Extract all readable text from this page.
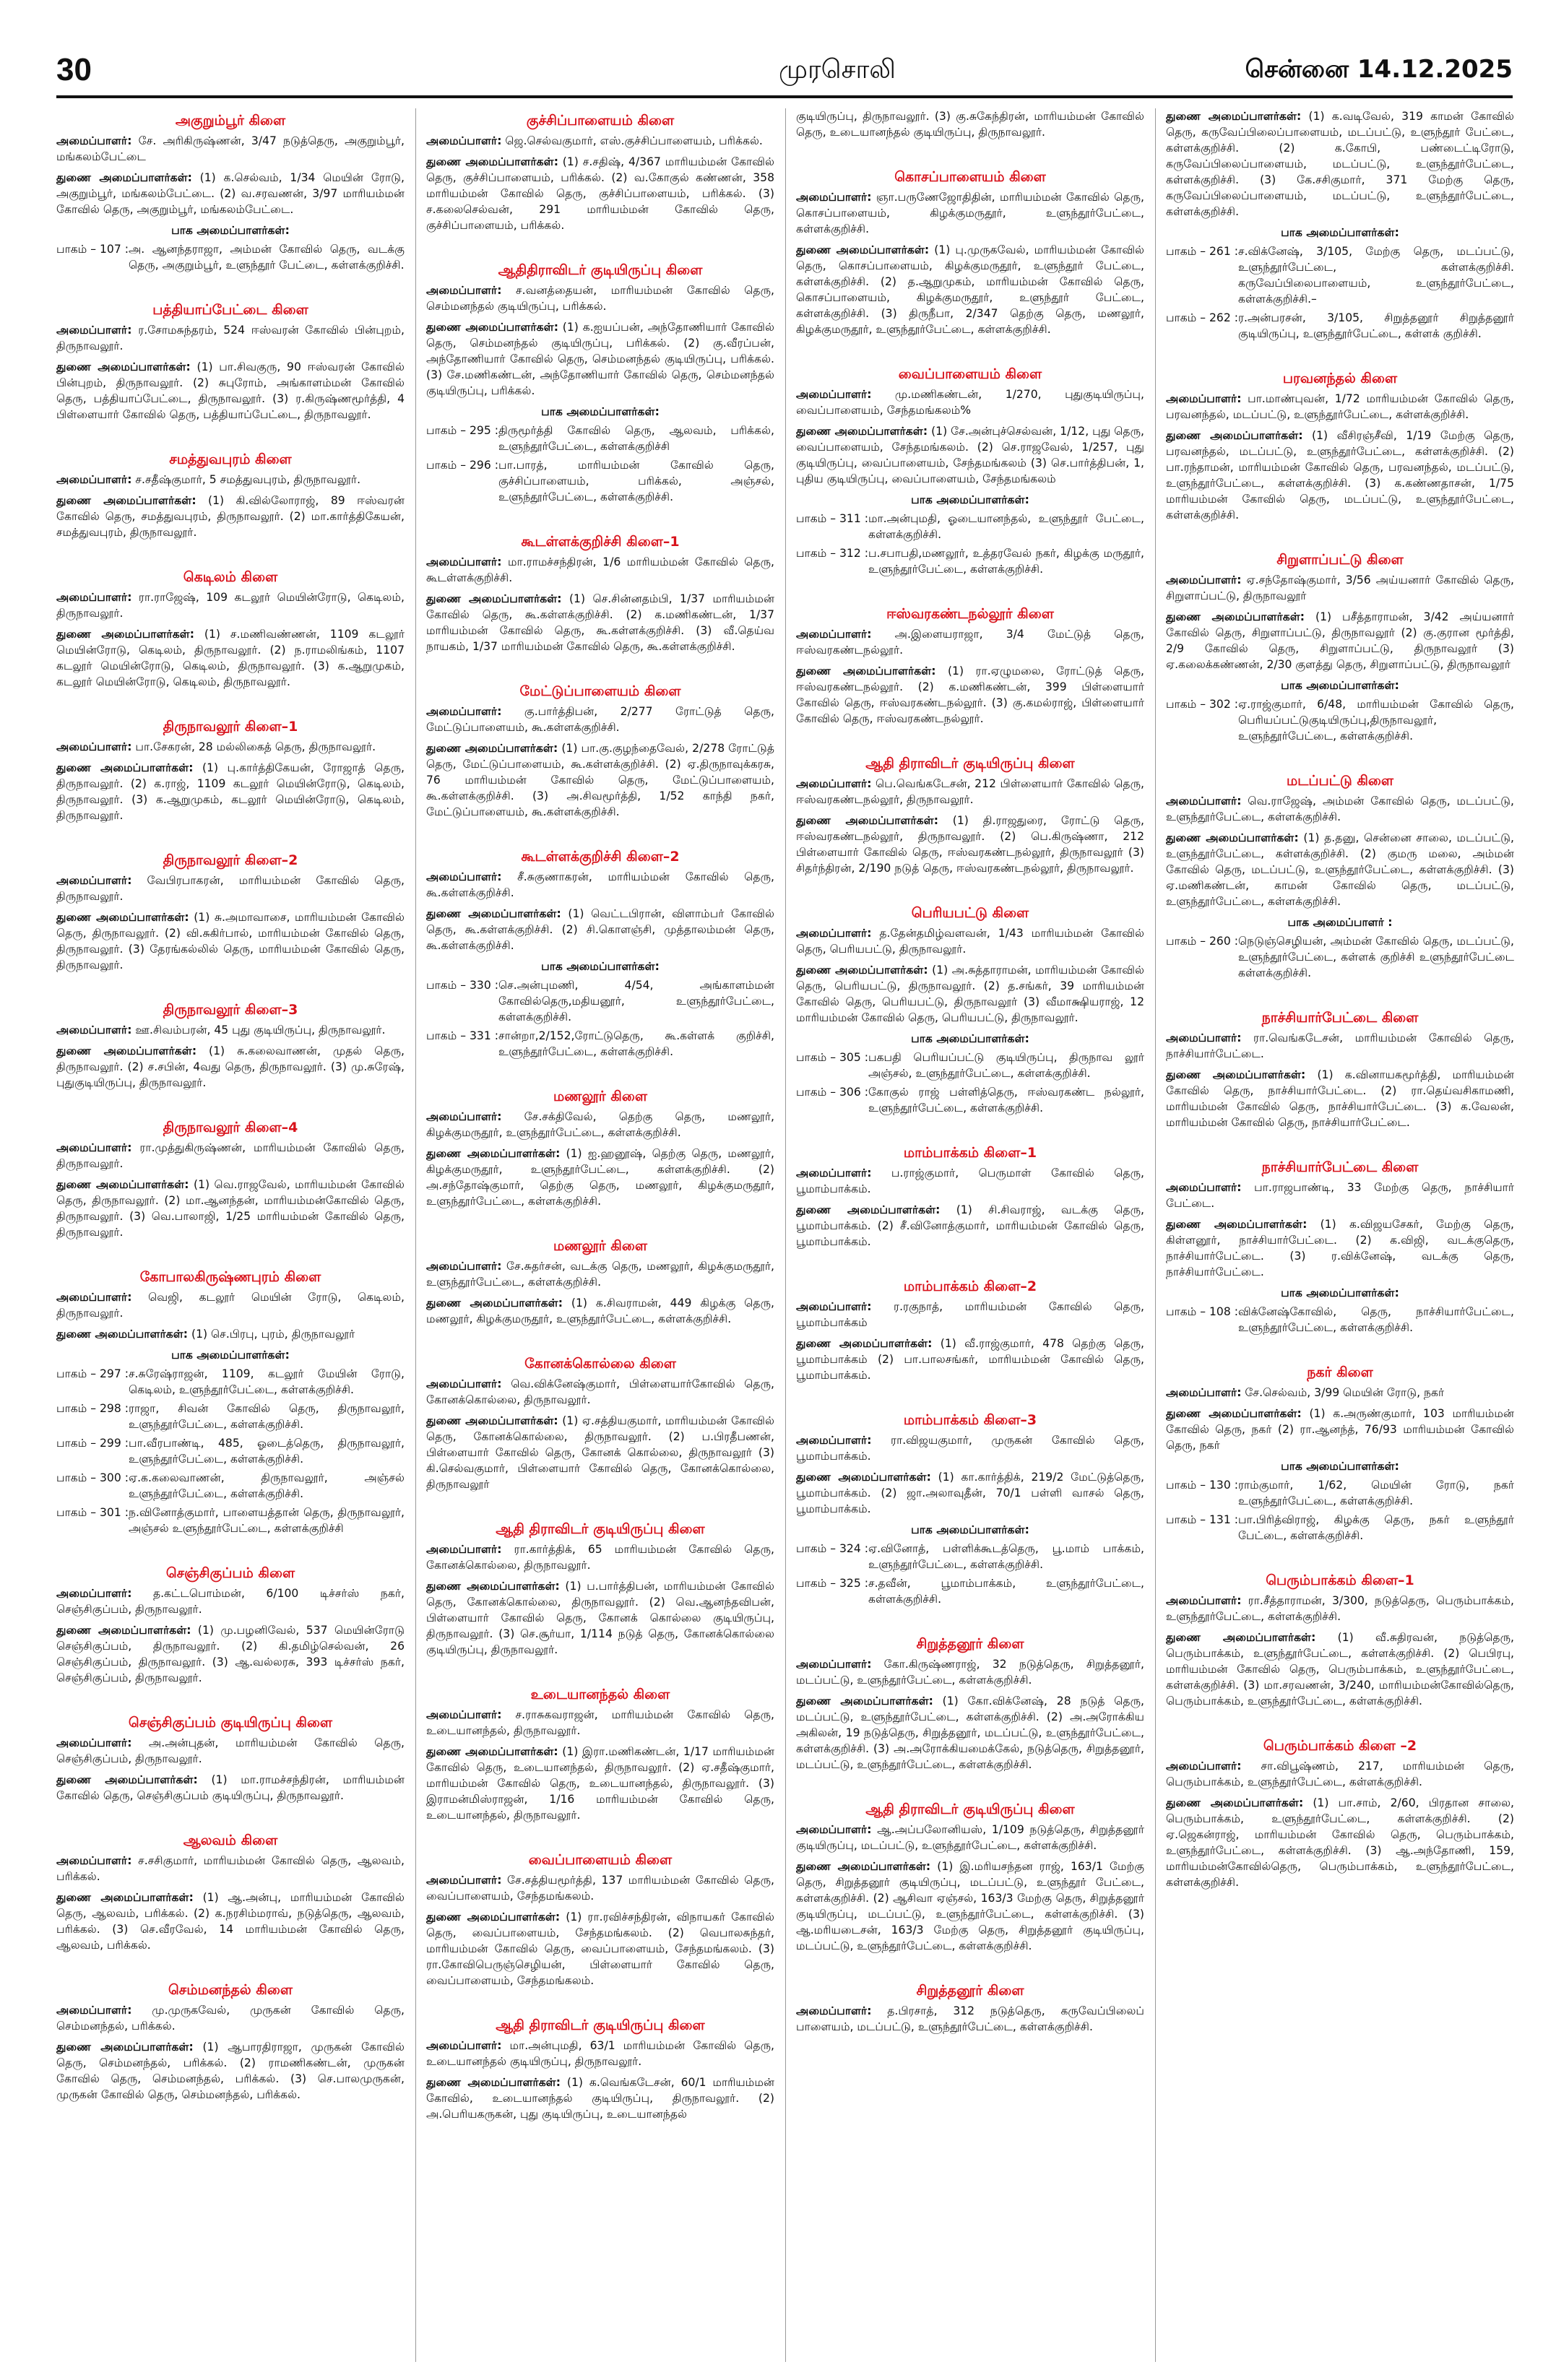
30	முரசொலி	சென்னை 14.12.2025
அகுறும்பூர் கிளை

அமைப்பாளர்: சே. அரிகிருஷ்ணன், 3/47 நடுத்தெரு, அகுறும்பூர், மங்கலம்பேட்டை

துணை அமைப்பாளர்கள்: (1) க.செல்வம், 1/34 மெயின் ரோடு, அகுறும்பூர், மங்கலம்பேட்டை. (2) வ.சரவணன், 3/97 மாரியம்மன் கோவில் தெரு, அகுறும்பூர், மங்கலம்பேட்டை.

பாக அமைப்பாளர்கள்:
பாகம் – 107 : அ. ஆனந்தராஜா, அம்மன் கோவில் தெரு, வடக்கு தெரு, அகுறும்பூர், உளுந்தூர் பேட்டை, கள்ளக்குறிச்சி.
பத்தியாப்பேட்டை கிளை

அமைப்பாளர்: ர.சோமசுந்தரம், 524 ஈஸ்வரன் கோவில் பின்புறம், திருநாவலூர்.

துணை அமைப்பாளர்கள்: (1) பா.சிவகுரு, 90 ஈஸ்வரன் கோவில் பின்புறம், திருநாவலூர். (2) சுபுரோம், அங்காளம்மன் கோவில் தெரு, பத்தியாப்பேட்டை, திருநாவலூர். (3) ர.கிருஷ்ணமூர்த்தி, 4 பிள்ளையார் கோவில் தெரு, பத்தியாப்பேட்டை, திருநாவலூர்.

சமத்துவபுரம் கிளை

அமைப்பாளர்: ச.சதீஷ்குமார், 5 சமத்துவபுரம், திருநாவலூர்.

துணை அமைப்பாளர்கள்: (1) கி.வில்லோராஜ், 89 ஈஸ்வரன் கோவில் தெரு, சமத்துவபுரம், திருநாவலூர். (2) மா.கார்த்திகேயன், சமத்துவபுரம், திருநாவலூர்.

கெடிலம் கிளை

அமைப்பாளர்: ரா.ராஜேஷ், 109 கடலூர் மெயின்ரோடு, கெடிலம், திருநாவலூர்.

துணை அமைப்பாளர்கள்: (1) ச.மணிவண்ணன், 1109 கடலூர் மெயின்ரோடு, கெடிலம், திருநாவலூர். (2) ந.ராமலிங்கம், 1107 கடலூர் மெயின்ரோடு, கெடிலம், திருநாவலூர். (3) க.ஆறுமுகம், கடலூர் மெயின்ரோடு, கெடிலம், திருநாவலூர்.

திருநாவலூர் கிளை–1

அமைப்பாளர்: பா.சேகரன், 28 மல்லிகைத் தெரு, திருநாவலூர்.

துணை அமைப்பாளர்கள்: (1) பு.கார்த்திகேயன், ரோஜாத் தெரு, திருநாவலூர். (2) க.ராஜ், 1109 கடலூர் மெயின்ரோடு, கெடிலம், திருநாவலூர். (3) க.ஆறுமுகம், கடலூர் மெயின்ரோடு, கெடிலம், திருநாவலூர்.

திருநாவலூர் கிளை–2

அமைப்பாளர்: வேபிரபாகரன், மாரியம்மன் கோவில் தெரு, திருநாவலூர்.

துணை அமைப்பாளர்கள்: (1) சு.அமாவாசை, மாரியம்மன் கோவில் தெரு, திருநாவலூர். (2) வி.சுகிர்பால், மாரியம்மன் கோவில் தெரு, திருநாவலூர். (3) தேரங்கல்லில் தெரு, மாரியம்மன் கோவில் தெரு, திருநாவலூர்.

திருநாவலூர் கிளை–3

அமைப்பாளர்: ஊ.சிவம்பரன், 45 புது குடியிருப்பு, திருநாவலூர்.

துணை அமைப்பாளர்கள்: (1) சு.கலைவாணன், முதல் தெரு, திருநாவலூர். (2) ச.சபின், 4வது தெரு, திருநாவலூர். (3) மு.சுரேஷ், புதுகுடியிருப்பு, திருநாவலூர்.

திருநாவலூர் கிளை–4

அமைப்பாளர்: ரா.முத்துகிருஷ்ணன், மாரியம்மன் கோவில் தெரு, திருநாவலூர்.

துணை அமைப்பாளர்கள்: (1) வெ.ராஜவேல், மாரியம்மன் கோவில் தெரு, திருநாவலூர். (2) மா.ஆனந்தன், மாரியம்மன்கோவில் தெரு, திருநாவலூர். (3) வெ.பாலாஜி, 1/25 மாரியம்மன் கோவில் தெரு, திருநாவலூர்.

கோபாலகிருஷ்ணபுரம் கிளை

அமைப்பாளர்: வெஜி, கடலூர் மெயின் ரோடு, கெடிலம், திருநாவலூர்.

துணை அமைப்பாளர்கள்: (1) செ.பிரபு, புரம், திருநாவலூர்

பாக அமைப்பாளர்கள்:
பாகம் – 297 : ச.சுரேஷ்ராஜன், 1109, கடலூர் மேயின் ரோடு, கெடிலம், உளுந்தூர்பேட்டை, கள்ளக்குறிச்சி.
பாகம் – 298 : ராஜா, சிவன் கோவில் தெரு, திருநாவலூர், உளுந்தூர்பேட்டை, கள்ளக்குறிச்சி.
பாகம் – 299 : பா.வீரபாண்டி, 485, ஓடைத்தெரு, திருநாவலூர், உளுந்தூர்பேட்டை, கள்ளக்குறிச்சி.
பாகம் – 300 : ஏ.க.கலைவாணன், திருநாவலூர், அஞ்சல் உளுந்தூர்பேட்டை, கள்ளக்குறிச்சி.
பாகம் – 301 : ந.வினோத்குமார், பாளையத்தான் தெரு, திருநாவலூர், அஞ்சல் உளுந்தூர்பேட்டை, கள்ளக்குறிச்சி
செஞ்சிகுப்பம் கிளை

அமைப்பாளர்: த.கட்டபொம்மன், 6/100 டிச்சர்ஸ் நகர், செஞ்சிகுப்பம், திருநாவலூர்.

துணை அமைப்பாளர்கள்: (1) மு.பழனிவேல், 537 மெயின்ரோடு செஞ்சிகுப்பம், திருநாவலூர். (2) கி.தமிழ்செல்வன், 26 செஞ்சிகுப்பம், திருநாவலூர். (3) ஆ.வல்லரசு, 393 டிச்சர்ஸ் நகர், செஞ்சிகுப்பம், திருநாவலூர்.

செஞ்சிகுப்பம் குடியிருப்பு கிளை

அமைப்பாளர்: அ.அன்புதன், மாரியம்மன் கோவில் தெரு, செஞ்சிகுப்பம், திருநாவலூர்.

துணை அமைப்பாளர்கள்: (1) மா.ராமச்சந்திரன், மாரியம்மன் கோவில் தெரு, செஞ்சிகுப்பம் குடியிருப்பு, திருநாவலூர்.

ஆலவம் கிளை

அமைப்பாளர்: ச.சசிகுமார், மாரியம்மன் கோவில் தெரு, ஆலவம், பரிக்கல்.

துணை அமைப்பாளர்கள்: (1) ஆ.அன்பு, மாரியம்மன் கோவில் தெரு, ஆலவம், பரிக்கல். (2) க.நரசிம்மராவ், நடுத்தெரு, ஆலவம், பரிக்கல். (3) செ.வீரவேல், 14 மாரியம்மன் கோவில் தெரு, ஆலவம், பரிக்கல்.

செம்மனந்தல் கிளை

அமைப்பாளர்: மு.முருகவேல், முருகன் கோவில் தெரு, செம்மனந்தல், பரிக்கல்.

துணை அமைப்பாளர்கள்: (1) ஆபாரதிராஜா, முருகன் கோவில் தெரு, செம்மனந்தல், பரிக்கல். (2) ராமணிகண்டன், முருகன் கோவில் தெரு, செம்மனந்தல், பரிக்கல். (3) செ.பாலமுருகன், முருகன் கோவில் தெரு, செம்மனந்தல், பரிக்கல்.

குச்சிப்பாளையம் கிளை

அமைப்பாளர்: ஜெ.செல்வகுமார், எஸ்.குச்சிப்பாளையம், பரிக்கல்.

துணை அமைப்பாளர்கள்: (1) ச.சதிஷ், 4/367 மாரியம்மன் கோவில் தெரு, குச்சிப்பாளையம், பரிக்கல். (2) வ.கோகுல் கண்ணன், 358 மாரியம்மன் கோவில் தெரு, குச்சிப்பாளையம், பரிக்கல். (3) ச.கலைசெல்வன், 291 மாரியம்மன் கோவில் தெரு, குச்சிப்பாளையம், பரிக்கல்.

ஆதிதிராவிடர் குடியிருப்பு கிளை

அமைப்பாளர்: ச.வனத்தையன், மாரியம்மன் கோவில் தெரு, செம்மனந்தல் குடியிருப்பு, பரிக்கல்.

துணை அமைப்பாளர்கள்: (1) க.ஐயப்பன், அந்தோணியார் கோவில் தெரு, செம்மனந்தல் குடியிருப்பு, பரிக்கல். (2) கு.வீரப்பன், அந்தோணியார் கோவில் தெரு, செம்மனந்தல் குடியிருப்பு, பரிக்கல். (3) சே.மணிகண்டன், அந்தோணியார் கோவில் தெரு, செம்மனந்தல் குடியிருப்பு, பரிக்கல்.

பாக அமைப்பாளர்கள்:
பாகம் – 295 : திருமூர்த்தி கோவில் தெரு, ஆலவம், பரிக்கல், உளுந்தூர்பேட்டை, கள்ளக்குறிச்சி
பாகம் – 296 : பா.பாரத், மாரியம்மன் கோவில் தெரு, குச்சிப்பாளையம், பரிக்கல், அஞ்சல், உளுந்தூர்பேட்டை, கள்ளக்குறிச்சி.
கூடள்ளக்குறிச்சி கிளை–1

அமைப்பாளர்: மா.ராமச்சந்திரன், 1/6 மாரியம்மன் கோவில் தெரு, கூடள்ளக்குறிச்சி.

துணை அமைப்பாளர்கள்: (1) செ.சின்னதம்பி, 1/37 மாரியம்மன் கோவில் தெரு, கூ.கள்ளக்குறிச்சி. (2) க.மணிகண்டன், 1/37 மாரியம்மன் கோவில் தெரு, கூ.கள்ளக்குறிச்சி. (3) வீ.தெய்வ நாயகம், 1/37 மாரியம்மன் கோவில் தெரு, கூ.கள்ளக்குறிச்சி.

மேட்டுப்பாளையம் கிளை

அமைப்பாளர்: கு.பார்த்திபன், 2/277 ரோட்டுத் தெரு, மேட்டுப்பாளையம், கூ.கள்ளக்குறிச்சி.

துணை அமைப்பாளர்கள்: (1) பா.கு.குழந்தைவேல், 2/278 ரோட்டுத் தெரு, மேட்டுப்பாளையம், கூ.கள்ளக்குறிச்சி. (2) ஏ.திருநாவுக்கரசு, 76 மாரியம்மன் கோவில் தெரு, மேட்டுப்பாளையம், கூ.கள்ளக்குறிச்சி. (3) அ.சிவமூர்த்தி, 1/52 காந்தி நகர், மேட்டுப்பாளையம், கூ.கள்ளக்குறிச்சி.

கூடள்ளக்குறிச்சி கிளை–2

அமைப்பாளர்: சீ.சுகுணாகரன், மாரியம்மன் கோவில் தெரு, கூ.கள்ளக்குறிச்சி.

துணை அமைப்பாளர்கள்: (1) வெட்டபிரான், விளாம்பர் கோவில் தெரு, கூ.கள்ளக்குறிச்சி. (2) சி.கொளஞ்சி, முத்தாலம்மன் தெரு, கூ.கள்ளக்குறிச்சி.

பாக அமைப்பாளர்கள்:
பாகம் – 330 : செ.அன்புமணி, 4/54, அங்காளம்மன் கோவில்தெரு,மதியனூர், உளுந்தூர்பேட்டை, கள்ளக்குறிச்சி.
பாகம் – 331 : சான்றா,2/152,ரோட்டுதெரு, கூ.கள்ளக் குறிச்சி, உளுந்தூர்பேட்டை, கள்ளக்குறிச்சி.
மணலூர் கிளை

அமைப்பாளர்: சே.சக்திவேல், தெற்கு தெரு, மணலூர், கிழக்குமருதூர், உளுந்தூர்பேட்டை, கள்ளக்குறிச்சி.

துணை அமைப்பாளர்கள்: (1) ஐ.ஹனூஷ், தெற்கு தெரு, மணலூர், கிழக்குமருதூர், உளுந்தூர்பேட்டை, கள்ளக்குறிச்சி. (2) அ.சந்தோஷ்குமார், தெற்கு தெரு, மணலூர், கிழக்குமருதூர், உளுந்தூர்பேட்டை, கள்ளக்குறிச்சி.

மணலூர் கிளை

அமைப்பாளர்: சே.சுதர்சன், வடக்கு தெரு, மணலூர், கிழக்குமருதூர், உளுந்தூர்பேட்டை, கள்ளக்குறிச்சி.

துணை அமைப்பாளர்கள்: (1) க.சிவராமன், 449 கிழக்கு தெரு, மணலூர், கிழக்குமருதூர், உளுந்தூர்பேட்டை, கள்ளக்குறிச்சி.

கோனக்கொல்லை கிளை

அமைப்பாளர்: வெ.விக்னேஷ்குமார், பிள்ளையார்கோவில் தெரு, கோனக்கொல்லை, திருநாவலூர்.

துணை அமைப்பாளர்கள்: (1) ஏ.சத்தியகுமார், மாரியம்மன் கோவில் தெரு, கோனக்கொல்லை, திருநாவலூர். (2) ப.பிரதீபணன், பிள்ளையார் கோவில் தெரு, கோனக் கொல்லை, திருநாவலூர் (3) கி.செல்வகுமார், பிள்ளையார் கோவில் தெரு, கோனக்கொல்லை, திருநாவலூர்

ஆதி திராவிடர் குடியிருப்பு கிளை

அமைப்பாளர்: ரா.கார்த்திக், 65 மாரியம்மன் கோவில் தெரு, கோனக்கொல்லை, திருநாவலூர்.

துணை அமைப்பாளர்கள்: (1) ப.பார்த்திபன், மாரியம்மன் கோவில் தெரு, கோனக்கொல்லை, திருநாவலூர். (2) வெ.ஆனந்தவிபன், பிள்ளையார் கோவில் தெரு, கோனக் கொல்லை குடியிருப்பு, திருநாவலூர். (3) செ.சூர்யா, 1/114 நடுத் தெரு, கோனக்கொல்லை குடியிருப்பு, திருநாவலூர்.

உடையானந்தல் கிளை

அமைப்பாளர்: ச.ராசுகவராஜன், மாரியம்மன் கோவில் தெரு, உடையானந்தல், திருநாவலூர்.

துணை அமைப்பாளர்கள்: (1) இரா.மணிகண்டன், 1/17 மாரியம்மன் கோவில் தெரு, உடையானந்தல், திருநாவலூர். (2) ஏ.சதீஷ்குமார், மாரியம்மன் கோவில் தெரு, உடையானந்தல், திருநாவலூர். (3) இராமன்மிஸ்ராஜன், 1/16 மாரியம்மன் கோவில் தெரு, உடையானந்தல், திருநாவலூர்.

வைப்பாளையம் கிளை

அமைப்பாளர்: சே.சத்தியமூர்த்தி, 137 மாரியம்மன் கோவில் தெரு, வைப்பாளையம், சேந்தமங்கலம்.

துணை அமைப்பாளர்கள்: (1) ரா.ரவிச்சந்திரன், விநாயகர் கோவில் தெரு, வைப்பாளையம், சேந்தமங்கலம். (2) வெபாலசுந்தர், மாரியம்மன் கோவில் தெரு, வைப்பாளையம், சேந்தமங்கலம். (3) ரா.கோவிபெருஞ்செழியன், பிள்ளையார் கோவில் தெரு, வைப்பாளையம், சேந்தமங்கலம்.

ஆதி திராவிடர் குடியிருப்பு கிளை

அமைப்பாளர்: மா.அன்புமதி, 63/1 மாரியம்மன் கோவில் தெரு, உடையானந்தல் குடியிருப்பு, திருநாவலூர்.

துணை அமைப்பாளர்கள்: (1) க.வெங்கடேசன், 60/1 மாரியம்மன் கோவில், உடையானந்தல் குடியிருப்பு, திருநாவலூர். (2) அ.பெரியகருகன், புது குடியிருப்பு, உடையானந்தல்

குடியிருப்பு, திருநாவலூர். (3) கு.சுகேந்திரன், மாரியம்மன் கோவில் தெரு, உடையானந்தல் குடியிருப்பு, திருநாவலூர்.

கொசப்பாளையம் கிளை

அமைப்பாளர்: ஞா.பருணேஜோதிதின், மாரியம்மன் கோவில் தெரு, கொசப்பாளையம், கிழக்குமருதூர், உளுந்தூர்பேட்டை, கள்ளக்குறிச்சி.

துணை அமைப்பாளர்கள்: (1) பு.முருகவேல், மாரியம்மன் கோவில் தெரு, கொசப்பாளையம், கிழக்குமருதூர், உளுந்தூர் பேட்டை, கள்ளக்குறிச்சி. (2) த.ஆறுமுகம், மாரியம்மன் கோவில் தெரு, கொசப்பாளையம், கிழக்குமருதூர், உளுந்தூர் பேட்டை, கள்ளக்குறிச்சி. (3) திருநீபா, 2/347 தெற்கு தெரு, மணலூர், கிழக்குமருதூர், உளுந்தூர்பேட்டை, கள்ளக்குறிச்சி.

வைப்பாளையம் கிளை

அமைப்பாளர்: மு.மணிகண்டன், 1/270, புதுகுடியிருப்பு, வைப்பாளையம், சேந்தமங்கலம்%

துணை அமைப்பாளர்கள்: (1) சே.அன்புச்செல்வன், 1/12, புது தெரு, வைப்பாளையம், சேந்தமங்கலம். (2) செ.ராஜவேல், 1/257, புது குடியிருப்பு, வைப்பாளையம், சேந்தமங்கலம் (3) செ.பார்த்திபன், 1, புதிய குடியிருப்பு, வைப்பாளையம், சேந்தமங்கலம்

பாக அமைப்பாளர்கள்:
பாகம் – 311 : மா.அன்புமதி, ஓடையானந்தல், உளுந்தூர் பேட்டை, கள்ளக்குறிச்சி.
பாகம் – 312 : ப.சபாபதி,மணலூர், உத்தரவேல் நகர், கிழக்கு மருதூர், உளுந்தூர்பேட்டை, கள்ளக்குறிச்சி.
ஈஸ்வரகண்டநல்லூர் கிளை

அமைப்பாளர்: அ.இளையராஜா, 3/4 மேட்டுத் தெரு, ஈஸ்வரகண்டநல்லூர்.

துணை அமைப்பாளர்கள்: (1) ரா.ஏழுமலை, ரோட்டுத் தெரு, ஈஸ்வரகண்டநல்லூர். (2) க.மணிகண்டன், 399 பிள்ளையார் கோவில் தெரு, ஈஸ்வரகண்டநல்லூர். (3) கு.கமல்ராஜ், பிள்ளையார் கோவில் தெரு, ஈஸ்வரகண்டநல்லூர்.

ஆதி திராவிடர் குடியிருப்பு கிளை

அமைப்பாளர்: பெ.வெங்கடேசன், 212 பிள்ளையார் கோவில் தெரு, ஈஸ்வரகண்டநல்லூர், திருநாவலூர்.

துணை அமைப்பாளர்கள்: (1) தி.ராஜதுரை, ரோட்டு தெரு, ஈஸ்வரகண்டநல்லூர், திருநாவலூர். (2) பெ.கிருஷ்ணா, 212 பிள்ளையார் கோவில் தெரு, ஈஸ்வரகண்டநல்லூர், திருநாவலூர் (3) சிதர்ந்திரன், 2/190 நடுத் தெரு, ஈஸ்வரகண்டநல்லூர், திருநாவலூர்.

பெரியபட்டு கிளை

அமைப்பாளர்: த.தேன்தமிழ்வளவன், 1/43 மாரியம்மன் கோவில் தெரு, பெரியபட்டு, திருநாவலூர்.

துணை அமைப்பாளர்கள்: (1) அ.சுத்தாராமன், மாரியம்மன் கோவில் தெரு, பெரியபட்டு, திருநாவலூர். (2) த.சங்கர், 39 மாரியம்மன் கோவில் தெரு, பெரியபட்டு, திருநாவலூர் (3) வீமாக்ஷியராஜ், 12 மாரியம்மன் கோவில் தெரு, பெரியபட்டு, திருநாவலூர்.

பாக அமைப்பாளர்கள்:
பாகம் – 305 : பகபதி பெரியப்பட்டு குடியிருப்பு, திருநாவ லூர் அஞ்சல், உளுந்தூர்பேட்டை, கள்ளக்குறிச்சி.
பாகம் – 306 : கோகுல் ராஜ் பள்ளித்தெரு, ஈஸ்வரகண்ட நல்லூர், உளுந்தூர்பேட்டை, கள்ளக்குறிச்சி.
மாம்பாக்கம் கிளை–1

அமைப்பாளர்: ப.ராஜ்குமார், பெருமாள் கோவில் தெரு, பூமாம்பாக்கம்.

துணை அமைப்பாளர்கள்: (1) சி.சிவராஜ், வடக்கு தெரு, பூமாம்பாக்கம். (2) சீ.வினோத்குமார், மாரியம்மன் கோவில் தெரு, பூமாம்பாக்கம்.

மாம்பாக்கம் கிளை–2

அமைப்பாளர்: ர.ரகுநாத், மாரியம்மன் கோவில் தெரு, பூமாம்பாக்கம்

துணை அமைப்பாளர்கள்: (1) வீ.ராஜ்குமார், 478 தெற்கு தெரு, பூமாம்பாக்கம் (2) பா.பாலசங்கர், மாரியம்மன் கோவில் தெரு, பூமாம்பாக்கம்.

மாம்பாக்கம் கிளை–3

அமைப்பாளர்: ரா.விஜயகுமார், முருகன் கோவில் தெரு, பூமாம்பாக்கம்.

துணை அமைப்பாளர்கள்: (1) கா.கார்த்திக், 219/2 மேட்டுத்தெரு, பூமாம்பாக்கம். (2) ஜா.அலாவுதீன், 70/1 பள்ளி வாசல் தெரு, பூமாம்பாக்கம்.

பாக அமைப்பாளர்கள்:
பாகம் – 324 : ஏ.வினோத், பள்ளிக்கூடத்தெரு, பூ.மாம் பாக்கம், உளுந்தூர்பேட்டை, கள்ளக்குறிச்சி.
பாகம் – 325 : ச.தவீன், பூமாம்பாக்கம், உளுந்தூர்பேட்டை, கள்ளக்குறிச்சி.
சிறுத்தனூர் கிளை

அமைப்பாளர்: கோ.கிருஷ்ணராஜ், 32 நடுத்தெரு, சிறுத்தனூர், மடப்பட்டு, உளுந்தூர்பேட்டை, கள்ளக்குறிச்சி.

துணை அமைப்பாளர்கள்: (1) கோ.விக்னேஷ், 28 நடுத் தெரு, மடப்பட்டு, உளுந்தூர்பேட்டை, கள்ளக்குறிச்சி. (2) அ.அரோக்கிய அகிலன், 19 நடுத்தெரு, சிறுத்தனூர், மடப்பட்டு, உளுந்தூர்பேட்டை, கள்ளக்குறிச்சி. (3) அ.அரோக்கியமைக்கேல், நடுத்தெரு, சிறுத்தனூர், மடப்பட்டு, உளுந்தூர்பேட்டை, கள்ளக்குறிச்சி.

ஆதி திராவிடர் குடியிருப்பு கிளை

அமைப்பாளர்: ஆ.அப்பலோனியஸ், 1/109 நடுத்தெரு, சிறுத்தனூர் குடியிருப்பு, மடப்பட்டு, உளுந்தூர்பேட்டை, கள்ளக்குறிச்சி.

துணை அமைப்பாளர்கள்: (1) இ.மரியசந்தன ராஜ், 163/1 மேற்கு தெரு, சிறுத்தனூர் குடியிருப்பு, மடப்பட்டு, உளுந்தூர் பேட்டை, கள்ளக்குறிச்சி. (2) ஆசிவா ஏஞ்சல், 163/3 மேற்கு தெரு, சிறுத்தனூர் குடியிருப்பு, மடப்பட்டு, உளுந்தூர்பேட்டை, கள்ளக்குறிச்சி. (3) ஆ.மரியடைசன், 163/3 மேற்கு தெரு, சிறுத்தனூர் குடியிருப்பு, மடப்பட்டு, உளுந்தூர்பேட்டை, கள்ளக்குறிச்சி.

சிறுத்தனூர் கிளை

அமைப்பாளர்: த.பிரசாத், 312 நடுத்தெரு, கருவேப்பிலைப் பாளையம், மடப்பட்டு, உளுந்தூர்பேட்டை, கள்ளக்குறிச்சி.

துணை அமைப்பாளர்கள்: (1) க.வடிவேல், 319 காமன் கோவில் தெரு, கருவேப்பிலைப்பாளையம், மடப்பட்டு, உளுந்தூர் பேட்டை, கள்ளக்குறிச்சி. (2) க.கோபி, பண்டைட்டிரோடு, கருவேப்பிலைப்பாளையம், மடப்பட்டு, உளுந்தூர்பேட்டை, கள்ளக்குறிச்சி. (3) கே.சசிகுமார், 371 மேற்கு தெரு, கருவேப்பிலைப்பாளையம், மடப்பட்டு, உளுந்தூர்பேட்டை, கள்ளக்குறிச்சி.

பாக அமைப்பாளர்கள்:
பாகம் – 261 : ச.விக்னேஷ், 3/105, மேற்கு தெரு, மடப்பட்டு, உளுந்தூர்பேட்டை, கள்ளக்குறிச்சி. கருவேப்பிலைபாளையம், உளுந்தூர்பேட்டை, கள்ளக்குறிச்சி.–
பாகம் – 262 : ர.அன்பரசன், 3/105, சிறுத்தனூர் சிறுத்தனூர் குடியிருப்பு, உளுந்தூர்பேட்டை, கள்ளக் குறிச்சி.
பரவனந்தல் கிளை

அமைப்பாளர்: பா.மாண்புவன், 1/72 மாரியம்மன் கோவில் தெரு, பரவனந்தல், மடப்பட்டு, உளுந்தூர்பேட்டை, கள்ளக்குறிச்சி.

துணை அமைப்பாளர்கள்: (1) வீசிரஞ்சீவி, 1/19 மேற்கு தெரு, பரவனந்தல், மடப்பட்டு, உளுந்தூர்பேட்டை, கள்ளக்குறிச்சி. (2) பா.ரந்தாமன், மாரியம்மன் கோவில் தெரு, பரவனந்தல், மடப்பட்டு, உளுந்தூர்பேட்டை, கள்ளக்குறிச்சி. (3) க.கண்ணதாசன், 1/75 மாரியம்மன் கோவில் தெரு, மடப்பட்டு, உளுந்தூர்பேட்டை, கள்ளக்குறிச்சி.

சிறுளாப்பட்டு கிளை

அமைப்பாளர்: ஏ.சந்தோஷ்குமார், 3/56 அய்யனார் கோவில் தெரு, சிறுளாப்பட்டு, திருநாவலூர்

துணை அமைப்பாளர்கள்: (1) பசீத்தாராமன், 3/42 அய்யனார் கோவில் தெரு, சிறுளாப்பட்டு, திருநாவலூர் (2) கு.குரான மூர்த்தி, 2/9 கோவில் தெரு, சிறுளாப்பட்டு, திருநாவலூர் (3) ஏ.கலைக்கண்ணன், 2/30 குளத்து தெரு, சிறுளாப்பட்டு, திருநாவலூர்

பாக அமைப்பாளர்கள்:
பாகம் – 302 : ஏ.ராஜ்குமார், 6/48, மாரியம்மன் கோவில் தெரு, பெரியப்பட்டுகுடியிருப்பு,திருநாவலூர், உளுந்தூர்பேட்டை, கள்ளக்குறிச்சி.
மடப்பட்டு கிளை

அமைப்பாளர்: வெ.ராஜேஷ், அம்மன் கோவில் தெரு, மடப்பட்டு, உளுந்தூர்பேட்டை, கள்ளக்குறிச்சி.

துணை அமைப்பாளர்கள்: (1) த.தனு, சென்னை சாலை, மடப்பட்டு, உளுந்தூர்பேட்டை, கள்ளக்குறிச்சி. (2) குமரு மலை, அம்மன் கோவில் தெரு, மடப்பட்டு, உளுந்தூர்பேட்டை, கள்ளக்குறிச்சி. (3) ஏ.மணிகண்டன், காமன் கோவில் தெரு, மடப்பட்டு, உளுந்தூர்பேட்டை, கள்ளக்குறிச்சி.

பாக அமைப்பாளர் :
பாகம் – 260 : நெடுஞ்செழியன், அம்மன் கோவில் தெரு, மடப்பட்டு, உளுந்தூர்பேட்டை, கள்ளக் குறிச்சி உளுந்தூர்பேட்டை கள்ளக்குறிச்சி.
நாச்சியார்பேட்டை கிளை

அமைப்பாளர்: ரா.வெங்கடேசன், மாரியம்மன் கோவில் தெரு, நாச்சியார்பேட்டை.

துணை அமைப்பாளர்கள்: (1) க.வினாயகமூர்த்தி, மாரியம்மன் கோவில் தெரு, நாச்சியார்பேட்டை. (2) ரா.தெய்வசிகாமணி, மாரியம்மன் கோவில் தெரு, நாச்சியார்பேட்டை. (3) க.வேலன், மாரியம்மன் கோவில் தெரு, நாச்சியார்பேட்டை.

நாச்சியார்பேட்டை கிளை

அமைப்பாளர்: பா.ராஜபாண்டி, 33 மேற்கு தெரு, நாச்சியார் பேட்டை.

துணை அமைப்பாளர்கள்: (1) க.விஜயசேகர், மேற்கு தெரு, கிள்ளனூர், நாச்சியார்பேட்டை. (2) க.விஜி, வடக்குதெரு, நாச்சியார்பேட்டை. (3) ர.விக்னேஷ், வடக்கு தெரு, நாச்சியார்பேட்டை.

பாக அமைப்பாளர்கள்:
பாகம் – 108 : விக்னேஷ்கோவில், தெரு, நாச்சியார்பேட்டை, உளுந்தூர்பேட்டை, கள்ளக்குறிச்சி.
நகர் கிளை

அமைப்பாளர்: சே.செல்வம், 3/99 மெயின் ரோடு, நகர்

துணை அமைப்பாளர்கள்: (1) க.அருண்குமார், 103 மாரியம்மன் கோவில் தெரு, நகர் (2) ரா.ஆனந்த், 76/93 மாரியம்மன் கோவில் தெரு, நகர்

பாக அமைப்பாளர்கள்:
பாகம் – 130 : ராம்குமார், 1/62, மெயின் ரோடு, நகர் உளுந்தூர்பேட்டை, கள்ளக்குறிச்சி.
பாகம் – 131 : பா.பிரித்விராஜ், கிழக்கு தெரு, நகர் உளுந்தூர் பேட்டை, கள்ளக்குறிச்சி.
பெரும்பாக்கம் கிளை–1

அமைப்பாளர்: ரா.சீத்தாராமன், 3/300, நடுத்தெரு, பெரும்பாக்கம், உளுந்தூர்பேட்டை, கள்ளக்குறிச்சி.

துணை அமைப்பாளர்கள்: (1) வீ.சுதிரவன், நடுத்தெரு, பெரும்பாக்கம், உளுந்தூர்பேட்டை, கள்ளக்குறிச்சி. (2) பெபிரபு, மாரியம்மன் கோவில் தெரு, பெரும்பாக்கம், உளுந்தூர்பேட்டை, கள்ளக்குறிச்சி. (3) மா.சரவணன், 3/240, மாரியம்மன்கோவில்தெரு, பெரும்பாக்கம், உளுந்தூர்பேட்டை, கள்ளக்குறிச்சி.

பெரும்பாக்கம் கிளை –2

அமைப்பாளர்: சா.விபூஷ்ணம், 217, மாரியம்மன் தெரு, பெரும்பாக்கம், உளுந்தூர்பேட்டை, கள்ளக்குறிச்சி.

துணை அமைப்பாளர்கள்: (1) பா.சாம், 2/60, பிரதான சாலை, பெரும்பாக்கம், உளுந்தூர்பேட்டை, கள்ளக்குறிச்சி. (2) ஏ.ஜெகன்ராஜ், மாரியம்மன் கோவில் தெரு, பெரும்பாக்கம், உளுந்தூர்பேட்டை, கள்ளக்குறிச்சி. (3) ஆ.அந்தோணி, 159, மாரியம்மன்கோவில்தெரு, பெரும்பாக்கம், உளுந்தூர்பேட்டை, கள்ளக்குறிச்சி.
